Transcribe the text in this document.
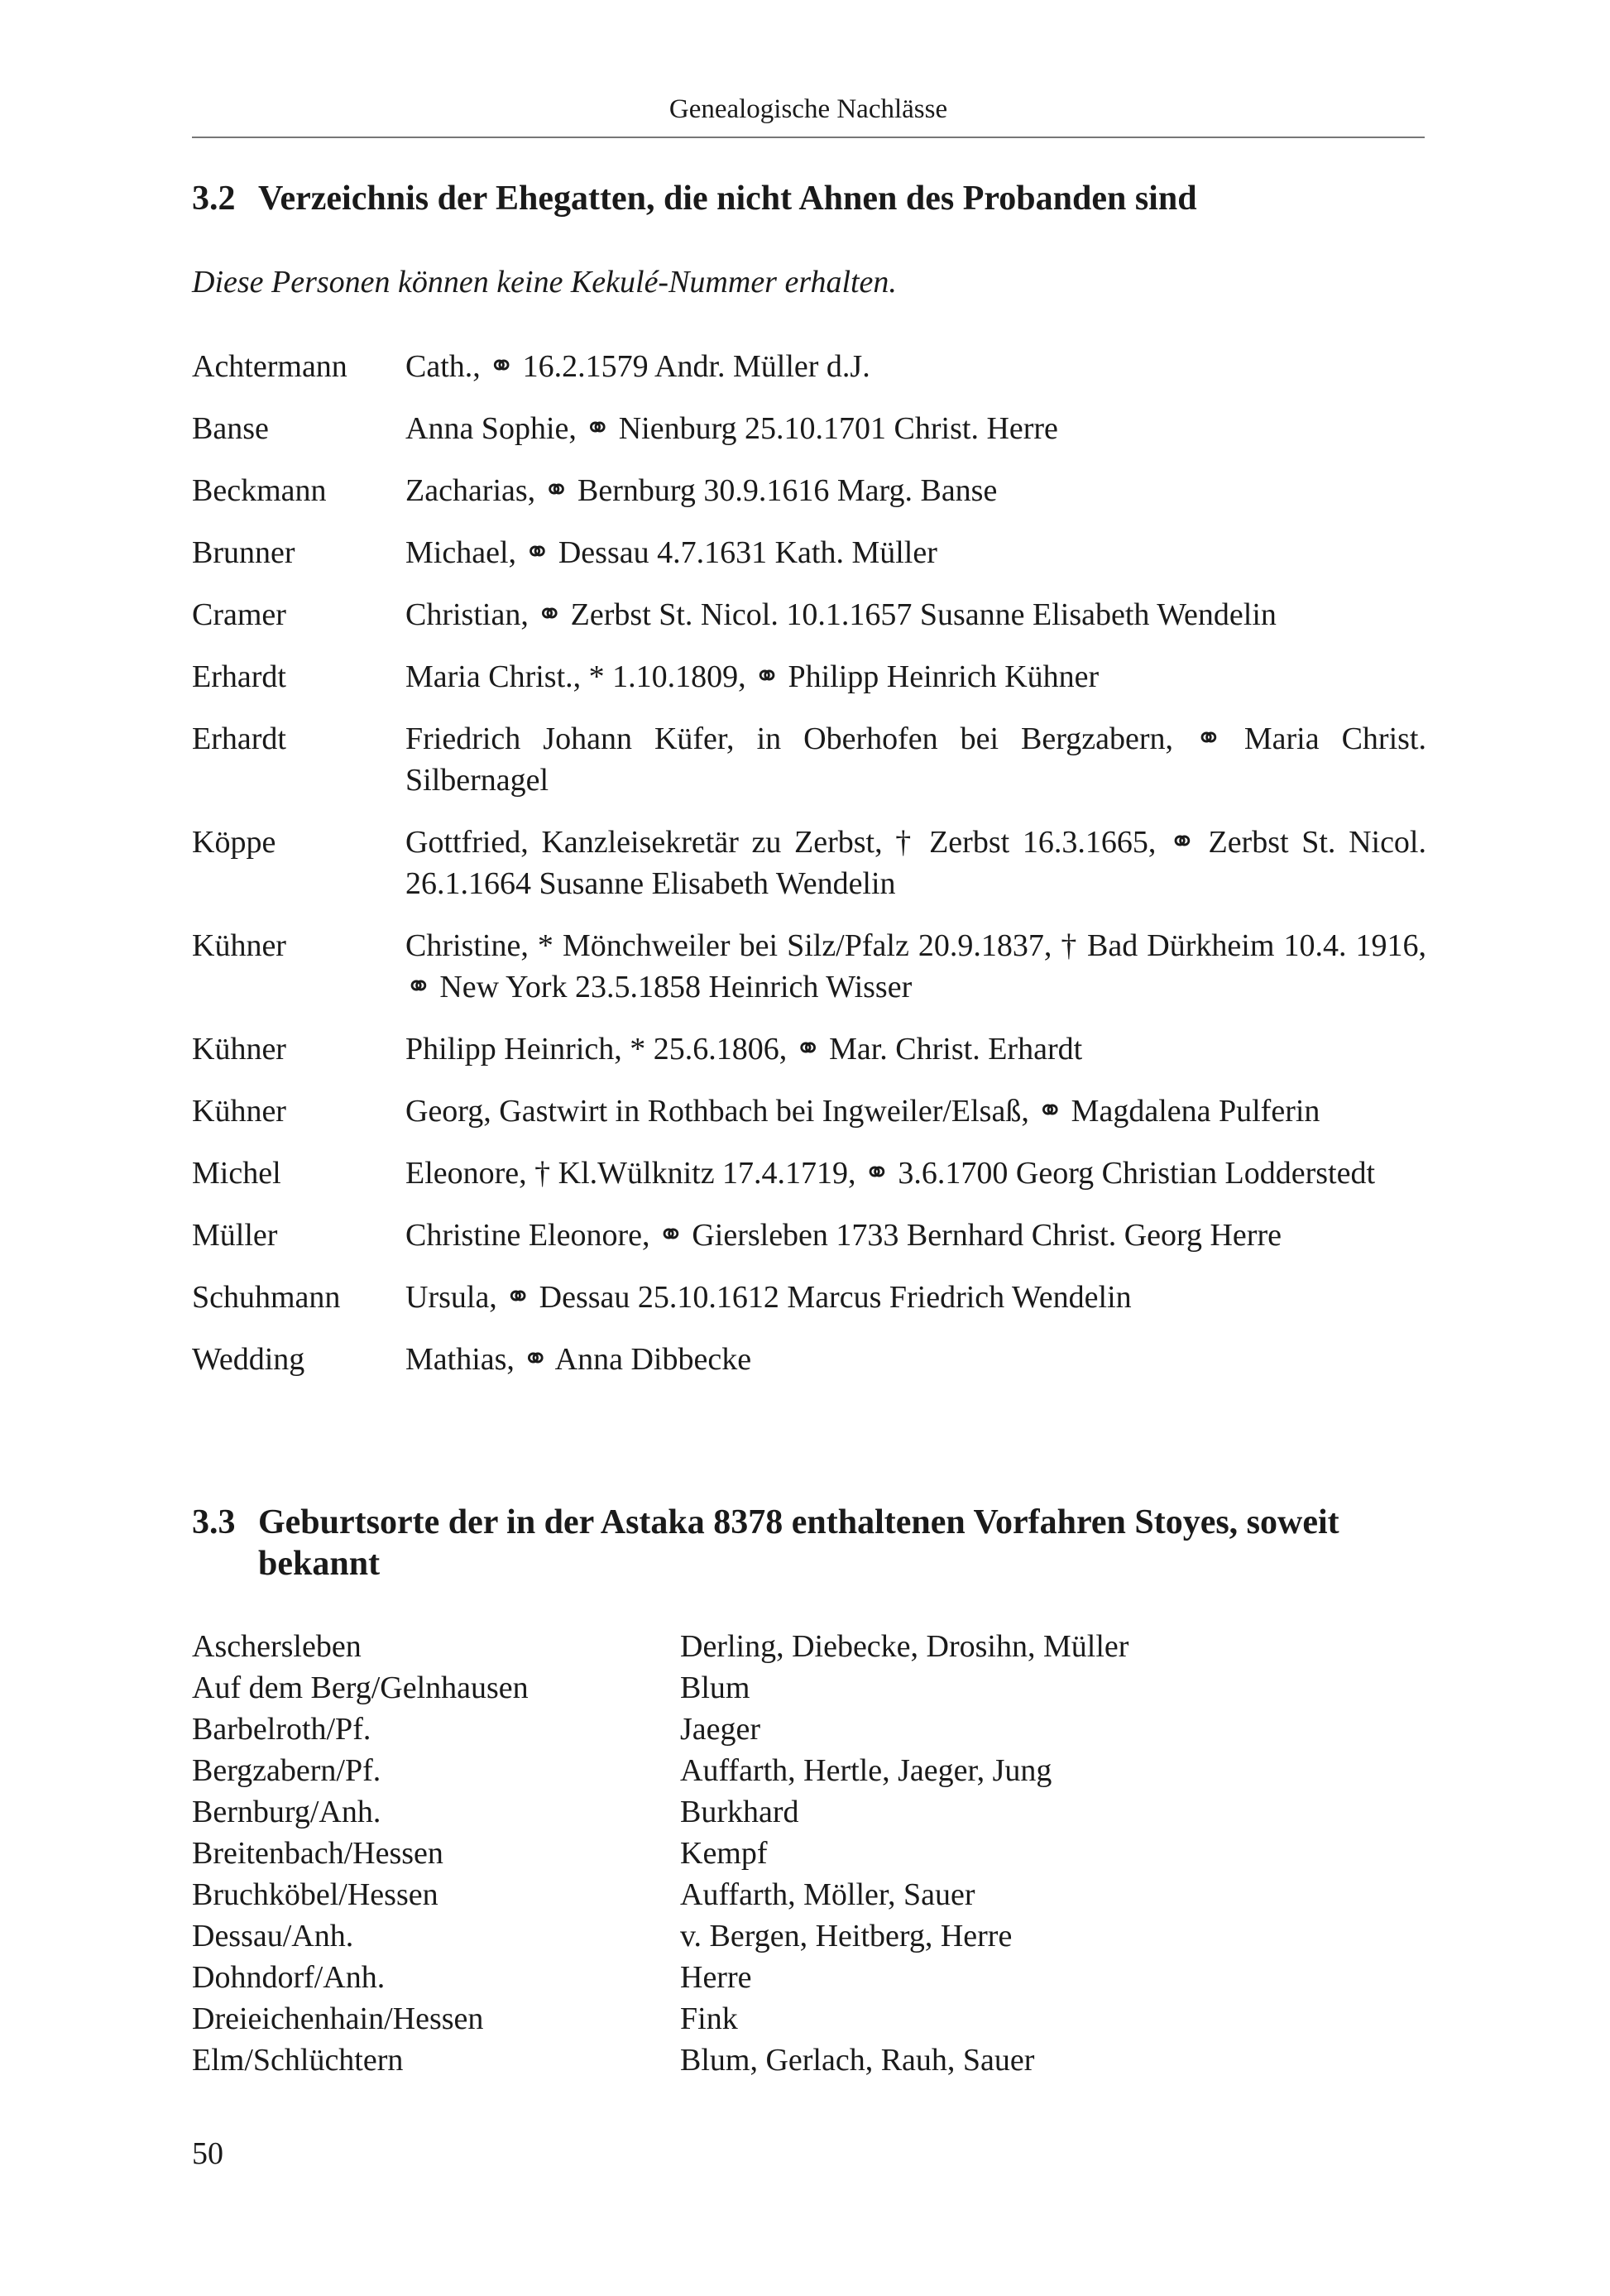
Genealogische Nachlässe
3.2 Verzeichnis der Ehegatten, die nicht Ahnen des Probanden sind
Diese Personen können keine Kekulé-Nummer erhalten.
Achtermann Cath., ⚭ 16.2.1579 Andr. Müller d.J.
Banse	Anna Sophie, ⚭ Nienburg 25.10.1701 Christ. Herre
Beckmann	Zacharias, ⚭ Bernburg 30.9.1616 Marg. Banse
Brunner	Michael, ⚭ Dessau 4.7.1631 Kath. Müller
Cramer	Christian, ⚭ Zerbst St. Nicol. 10.1.1657 Susanne Elisabeth Wendelin
Erhardt	Maria Christ., * 1.10.1809, ⚭ Philipp Heinrich Kühner
Erhardt	Friedrich Johann Küfer, in Oberhofen bei Bergzabern, ⚭ Maria Christ. Silbernagel
Köppe	Gottfried, Kanzleisekretär zu Zerbst, † Zerbst 16.3.1665, ⚭ Zerbst St. Nicol. 26.1.1664 Susanne Elisabeth Wendelin
Kühner	Christine, * Mönchweiler bei Silz/Pfalz 20.9.1837, † Bad Dürkheim 10.4. 1916, ⚭ New York 23.5.1858 Heinrich Wisser
Kühner	Philipp Heinrich, * 25.6.1806, ⚭ Mar. Christ. Erhardt
Kühner	Georg, Gastwirt in Rothbach bei Ingweiler/Elsaß, ⚭ Magdalena Pulferin
Michel	Eleonore, † Kl.Wülknitz 17.4.1719, ⚭ 3.6.1700 Georg Christian Lodderstedt
Müller	Christine Eleonore, ⚭ Giersleben 1733 Bernhard Christ. Georg Herre
Schuhmann Ursula, ⚭ Dessau 25.10.1612 Marcus Friedrich Wendelin
Wedding	Mathias, ⚭ Anna Dibbecke
3.3 Geburtsorte der in der Astaka 8378 enthaltenen Vorfahren Stoyes, soweit bekannt
Aschersleben	Derling, Diebecke, Drosihn, Müller
Auf dem Berg/Gelnhausen	Blum
Barbelroth/Pf.	Jaeger
Bergzabern/Pf.	Auffarth, Hertle, Jaeger, Jung
Bernburg/Anh.	Burkhard
Breitenbach/Hessen	Kempf
Bruchköbel/Hessen	Auffarth, Möller, Sauer
Dessau/Anh.	v. Bergen, Heitberg, Herre
Dohndorf/Anh.	Herre
Dreieichenhain/Hessen	Fink
Elm/Schlüchtern	Blum, Gerlach, Rauh, Sauer
50
